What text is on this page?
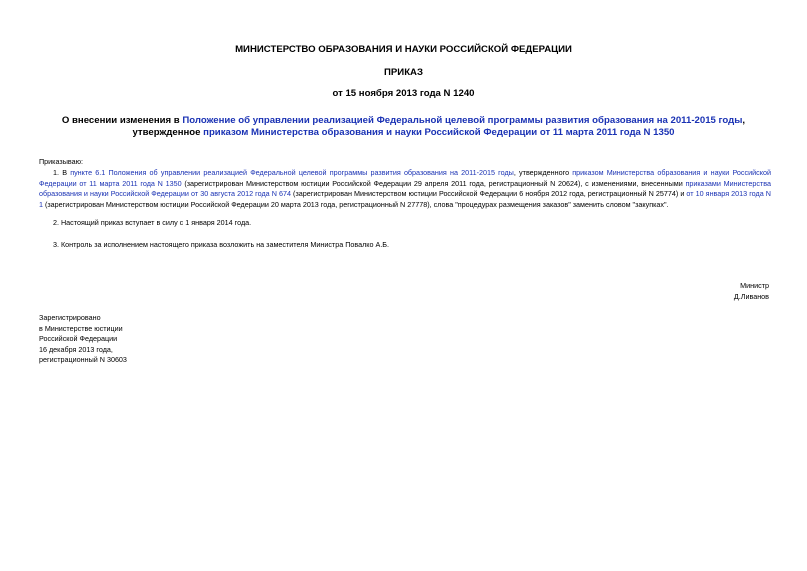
МИНИСТЕРСТВО ОБРАЗОВАНИЯ И НАУКИ РОССИЙСКОЙ ФЕДЕРАЦИИ
ПРИКАЗ
от 15 ноября 2013 года N 1240
О внесении изменения в Положение об управлении реализацией Федеральной целевой программы развития образования на 2011-2015 годы, утвержденное приказом Министерства образования и науки Российской Федерации от 11 марта 2011 года N 1350
Приказываю:
1. В пункте 6.1 Положения об управлении реализацией Федеральной целевой программы развития образования на 2011-2015 годы, утвержденного приказом Министерства образования и науки Российской Федерации от 11 марта 2011 года N 1350 (зарегистрирован Министерством юстиции Российской Федерации 29 апреля 2011 года, регистрационный N 20624), с изменениями, внесенными приказами Министерства образования и науки Российской Федерации от 30 августа 2012 года N 674 (зарегистрирован Министерством юстиции Российской Федерации 6 ноября 2012 года, регистрационный N 25774) и от 10 января 2013 года N 1 (зарегистрирован Министерством юстиции Российской Федерации 20 марта 2013 года, регистрационный N 27778), слова "процедурах размещения заказов" заменить словом "закупках".
2. Настоящий приказ вступает в силу с 1 января 2014 года.
3. Контроль за исполнением настоящего приказа возложить на заместителя Министра Повалко А.Б.
Министр
Д.Ливанов
Зарегистрировано
в Министерстве юстиции
Российской Федерации
16 декабря 2013 года,
регистрационный N 30603
